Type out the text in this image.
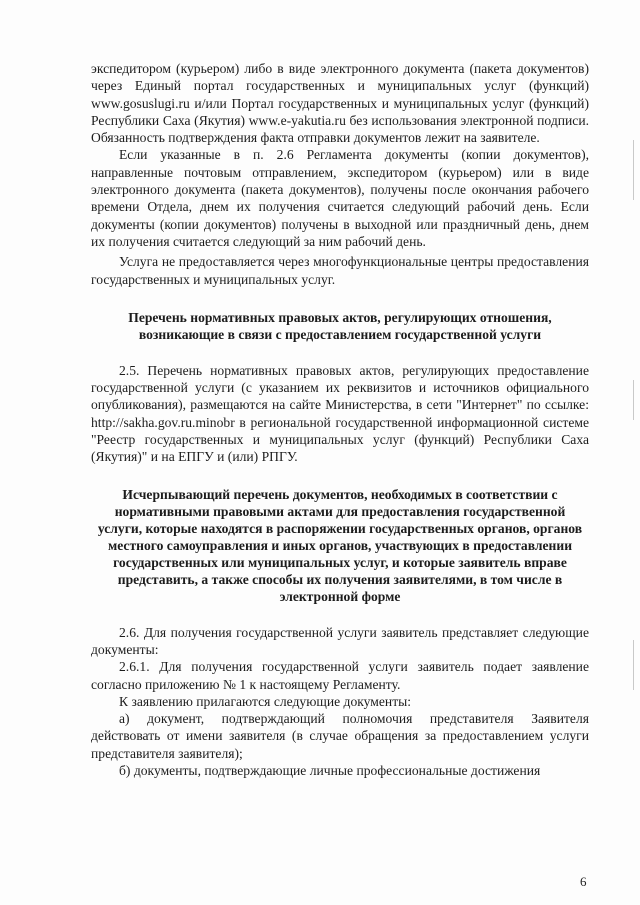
экспедитором (курьером) либо в виде электронного документа (пакета документов) через Единый портал государственных и муниципальных услуг (функций) www.gosuslugi.ru и/или Портал государственных и муниципальных услуг (функций) Республики Саха (Якутия) www.e-yakutia.ru без использования электронной подписи. Обязанность подтверждения факта отправки документов лежит на заявителе.

Если указанные в п. 2.6 Регламента документы (копии документов), направленные почтовым отправлением, экспедитором (курьером) или в виде электронного документа (пакета документов), получены после окончания рабочего времени Отдела, днем их получения считается следующий рабочий день. Если документы (копии документов) получены в выходной или праздничный день, днем их получения считается следующий за ним рабочий день.

Услуга не предоставляется через многофункциональные центры предоставления государственных и муниципальных услуг.

Перечень нормативных правовых актов, регулирующих отношения, возникающие в связи с предоставлением государственной услуги

2.5. Перечень нормативных правовых актов, регулирующих предоставление государственной услуги (с указанием их реквизитов и источников официального опубликования), размещаются на сайте Министерства, в сети "Интернет" по ссылке: http://sakha.gov.ru.minobr в региональной государственной информационной системе "Реестр государственных и муниципальных услуг (функций) Республики Саха (Якутия)" и на ЕПГУ и (или) РПГУ.

Исчерпывающий перечень документов, необходимых в соответствии с нормативными правовыми актами для предоставления государственной услуги, которые находятся в распоряжении государственных органов, органов местного самоуправления и иных органов, участвующих в предоставлении государственных или муниципальных услуг, и которые заявитель вправе представить, а также способы их получения заявителями, в том числе в электронной форме

2.6. Для получения государственной услуги заявитель представляет следующие документы:

2.6.1. Для получения государственной услуги заявитель подает заявление согласно приложению № 1 к настоящему Регламенту.

К заявлению прилагаются следующие документы:

а) документ, подтверждающий полномочия представителя Заявителя действовать от имени заявителя (в случае обращения за предоставлением услуги представителя заявителя);

б) документы, подтверждающие личные профессиональные достижения

6
